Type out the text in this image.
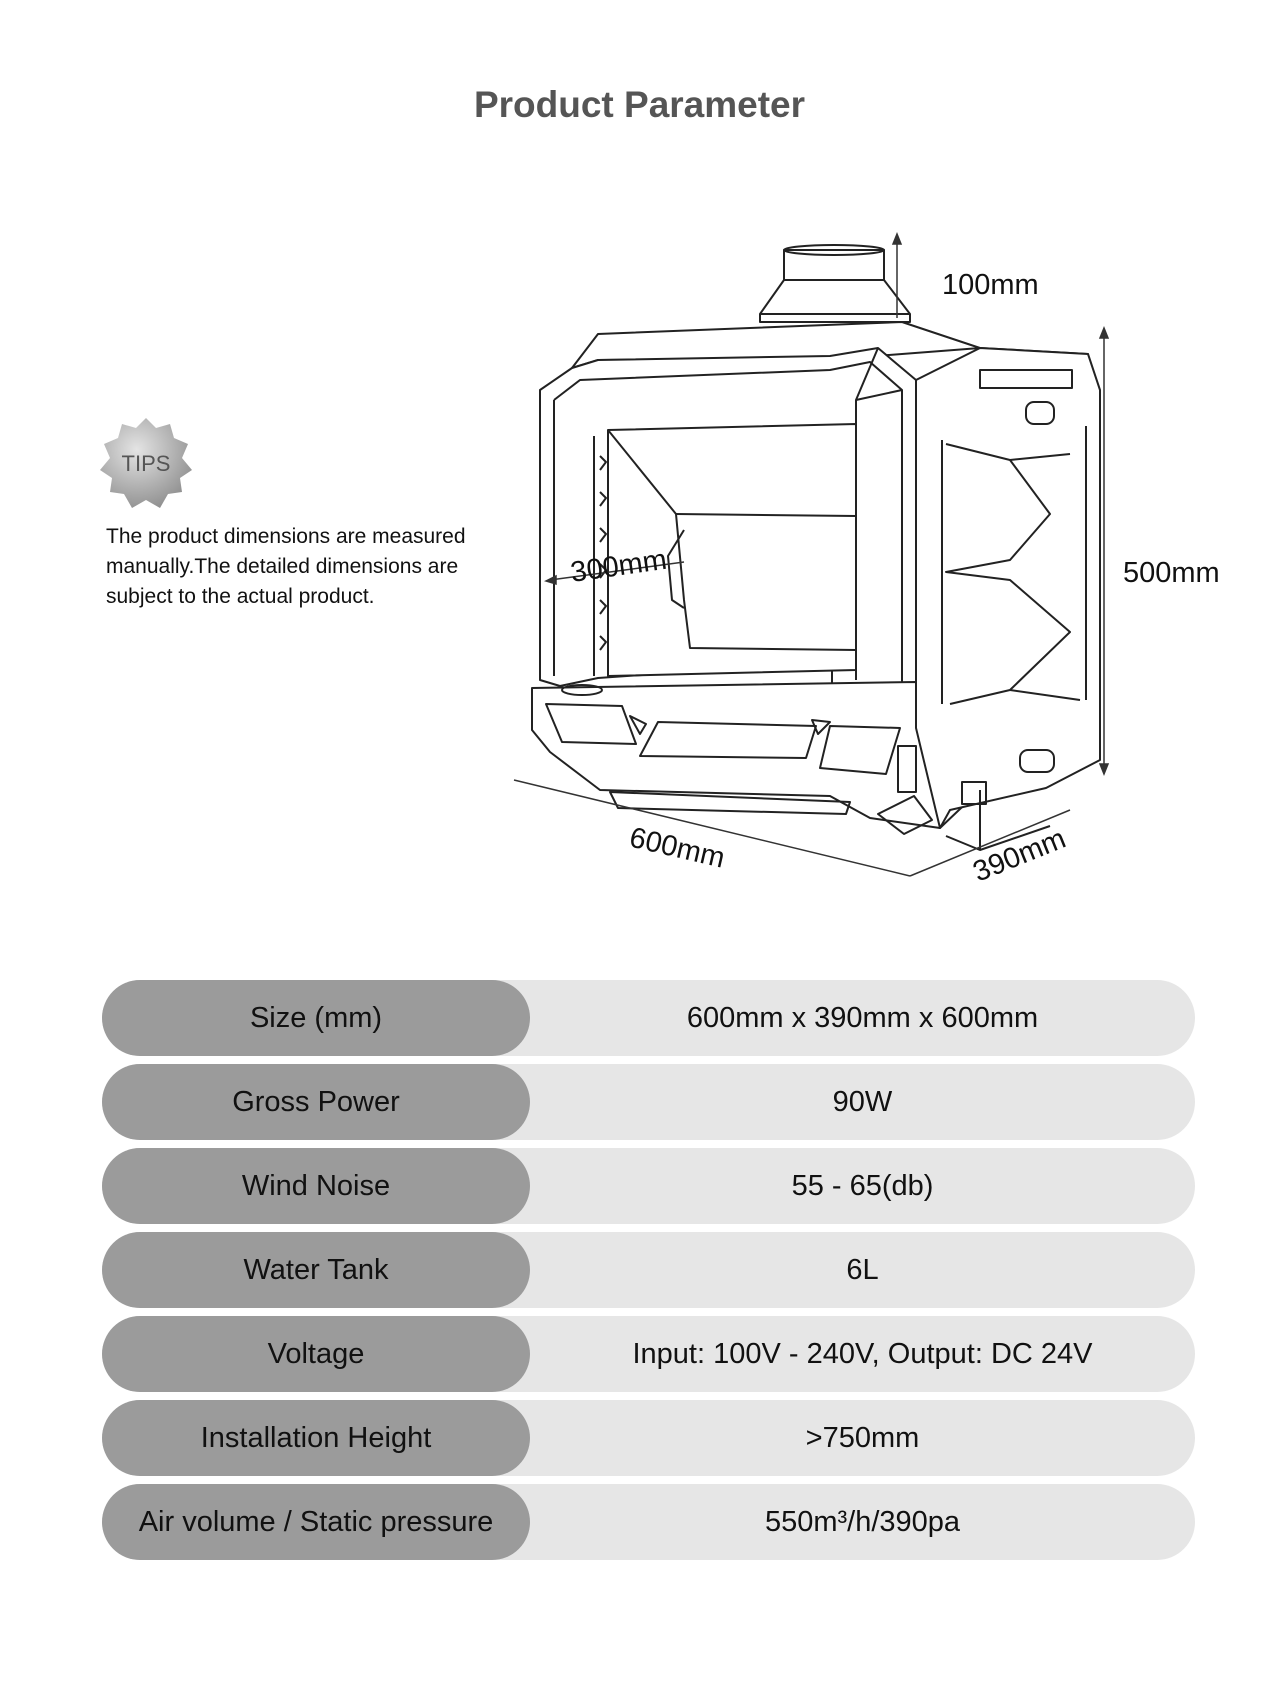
Product Parameter
TIPS
The product dimensions are measured manually.The detailed dimensions are subject to the actual product.
100mm
500mm
300mm
600mm	390mm
Size (mm)	600mm x 390mm x 600mm
Gross Power	90W
Wind Noise	55 - 65(db)
Water Tank	6L
Voltage	Input: 100V - 240V, Output: DC 24V
Installation Height	>750mm
Air volume / Static pressure	550m³/h/390pa
